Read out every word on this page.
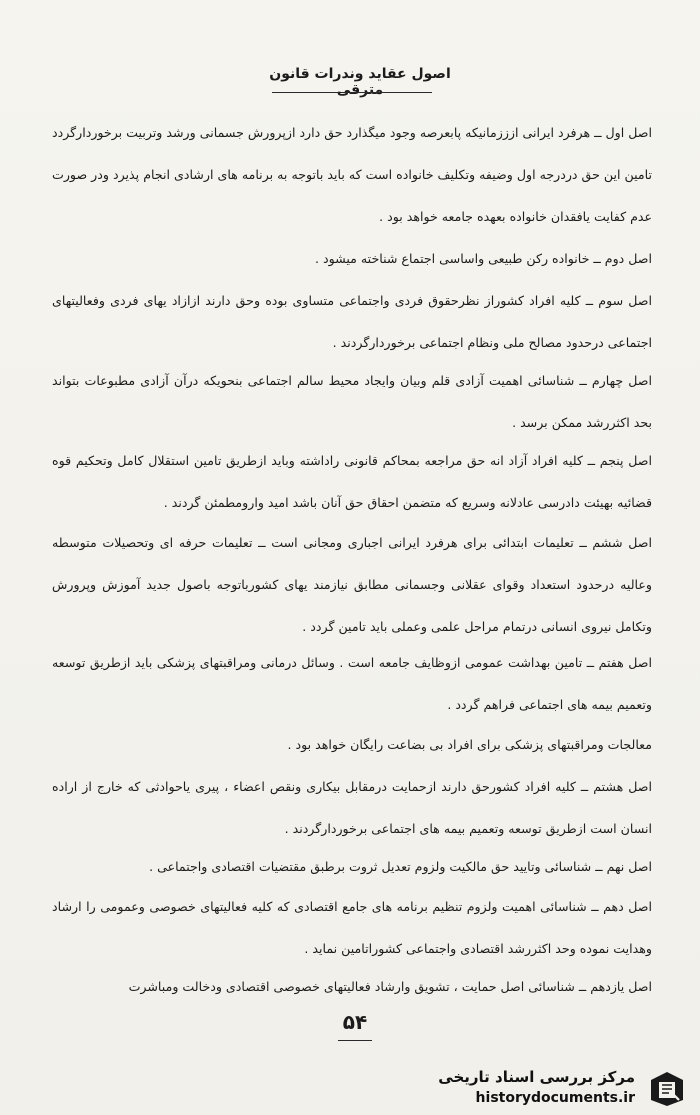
اصول عقاید وندرات قانون مترقی
اصل اول ــ هرفرد ایرانی ازززمانیکه پابعرصه وجود میگذارد حق دارد ازپرورش جسمانی ورشد وتربیت برخوردارگردد تامین این حق دردرجه اول وضیفه وتکلیف خانواده است که باید باتوجه به برنامه های ارشادی انجام پذیرد ودر صورت عدم کفایت یافقدان خانواده بعهده جامعه خواهد بود .
اصل دوم ــ خانواده رکن طبیعی واساسی اجتماع شناخته میشود .
اصل سوم ــ کلیه افراد کشوراز نظرحقوق فردی واجتماعی متساوی بوده وحق دارند ازازاد یهای فردی وفعالیتهای اجتماعی درحدود مصالح ملی ونظام اجتماعی برخوردارگردند .
اصل چهارم ــ شناسائی اهمیت آزادی قلم وبیان وایجاد محیط سالم اجتماعی بنحویکه درآن آزادی مطبوعات بتواند بحد اکثررشد ممکن برسد .
اصل پنجم ــ کلیه افراد آزاد انه حق مراجعه بمحاکم قانونی راداشته وباید ازطریق تامین استقلال کامل وتحکیم قوه قضائیه بهیئت دادرسی عادلانه وسریع که متضمن احقاق حق آنان باشد امید وارومطمئن گردند .
اصل ششم ــ تعلیمات ابتدائی برای هرفرد ایرانی اجباری ومجانی است ــ تعلیمات حرفه ای وتحصیلات متوسطه وعالیه درحدود استعداد وقوای عقلانی وجسمانی مطابق نیازمند یهای کشورباتوجه باصول جدید آموزش وپرورش وتکامل نیروی انسانی درتمام مراحل علمی وعملی باید تامین گردد .
اصل هفتم ــ تامین بهداشت عمومی ازوظایف جامعه است . وسائل درمانی ومراقبتهای پزشکی باید ازطریق توسعه وتعمیم بیمه های اجتماعی فراهم گردد .
معالجات ومراقبتهای پزشکی برای افراد بی بضاعت رایگان خواهد بود .
اصل هشتم ــ کلیه افراد کشورحق دارند ازحمایت درمقابل بیکاری ونقص اعضاء ، پیری یاحوادثی که خارج از اراده انسان است ازطریق توسعه وتعمیم بیمه های اجتماعی برخوردارگردند .
اصل نهم ــ شناسائی وتایید حق مالکیت ولزوم تعدیل ثروت برطبق مقتضیات اقتصادی واجتماعی .
اصل دهم ــ شناسائی اهمیت ولزوم تنظیم برنامه های جامع اقتصادی که کلیه فعالیتهای خصوصی وعمومی را ارشاد وهدایت نموده وحد اکثررشد اقتصادی واجتماعی کشوراتامین نماید .
اصل یازدهم ــ شناسائی اصل حمایت ، تشویق وارشاد فعالیتهای خصوصی اقتصادی ودخالت ومباشرت
۵۴
مرکز بررسی اسناد تاریخی
historydocuments.ir
